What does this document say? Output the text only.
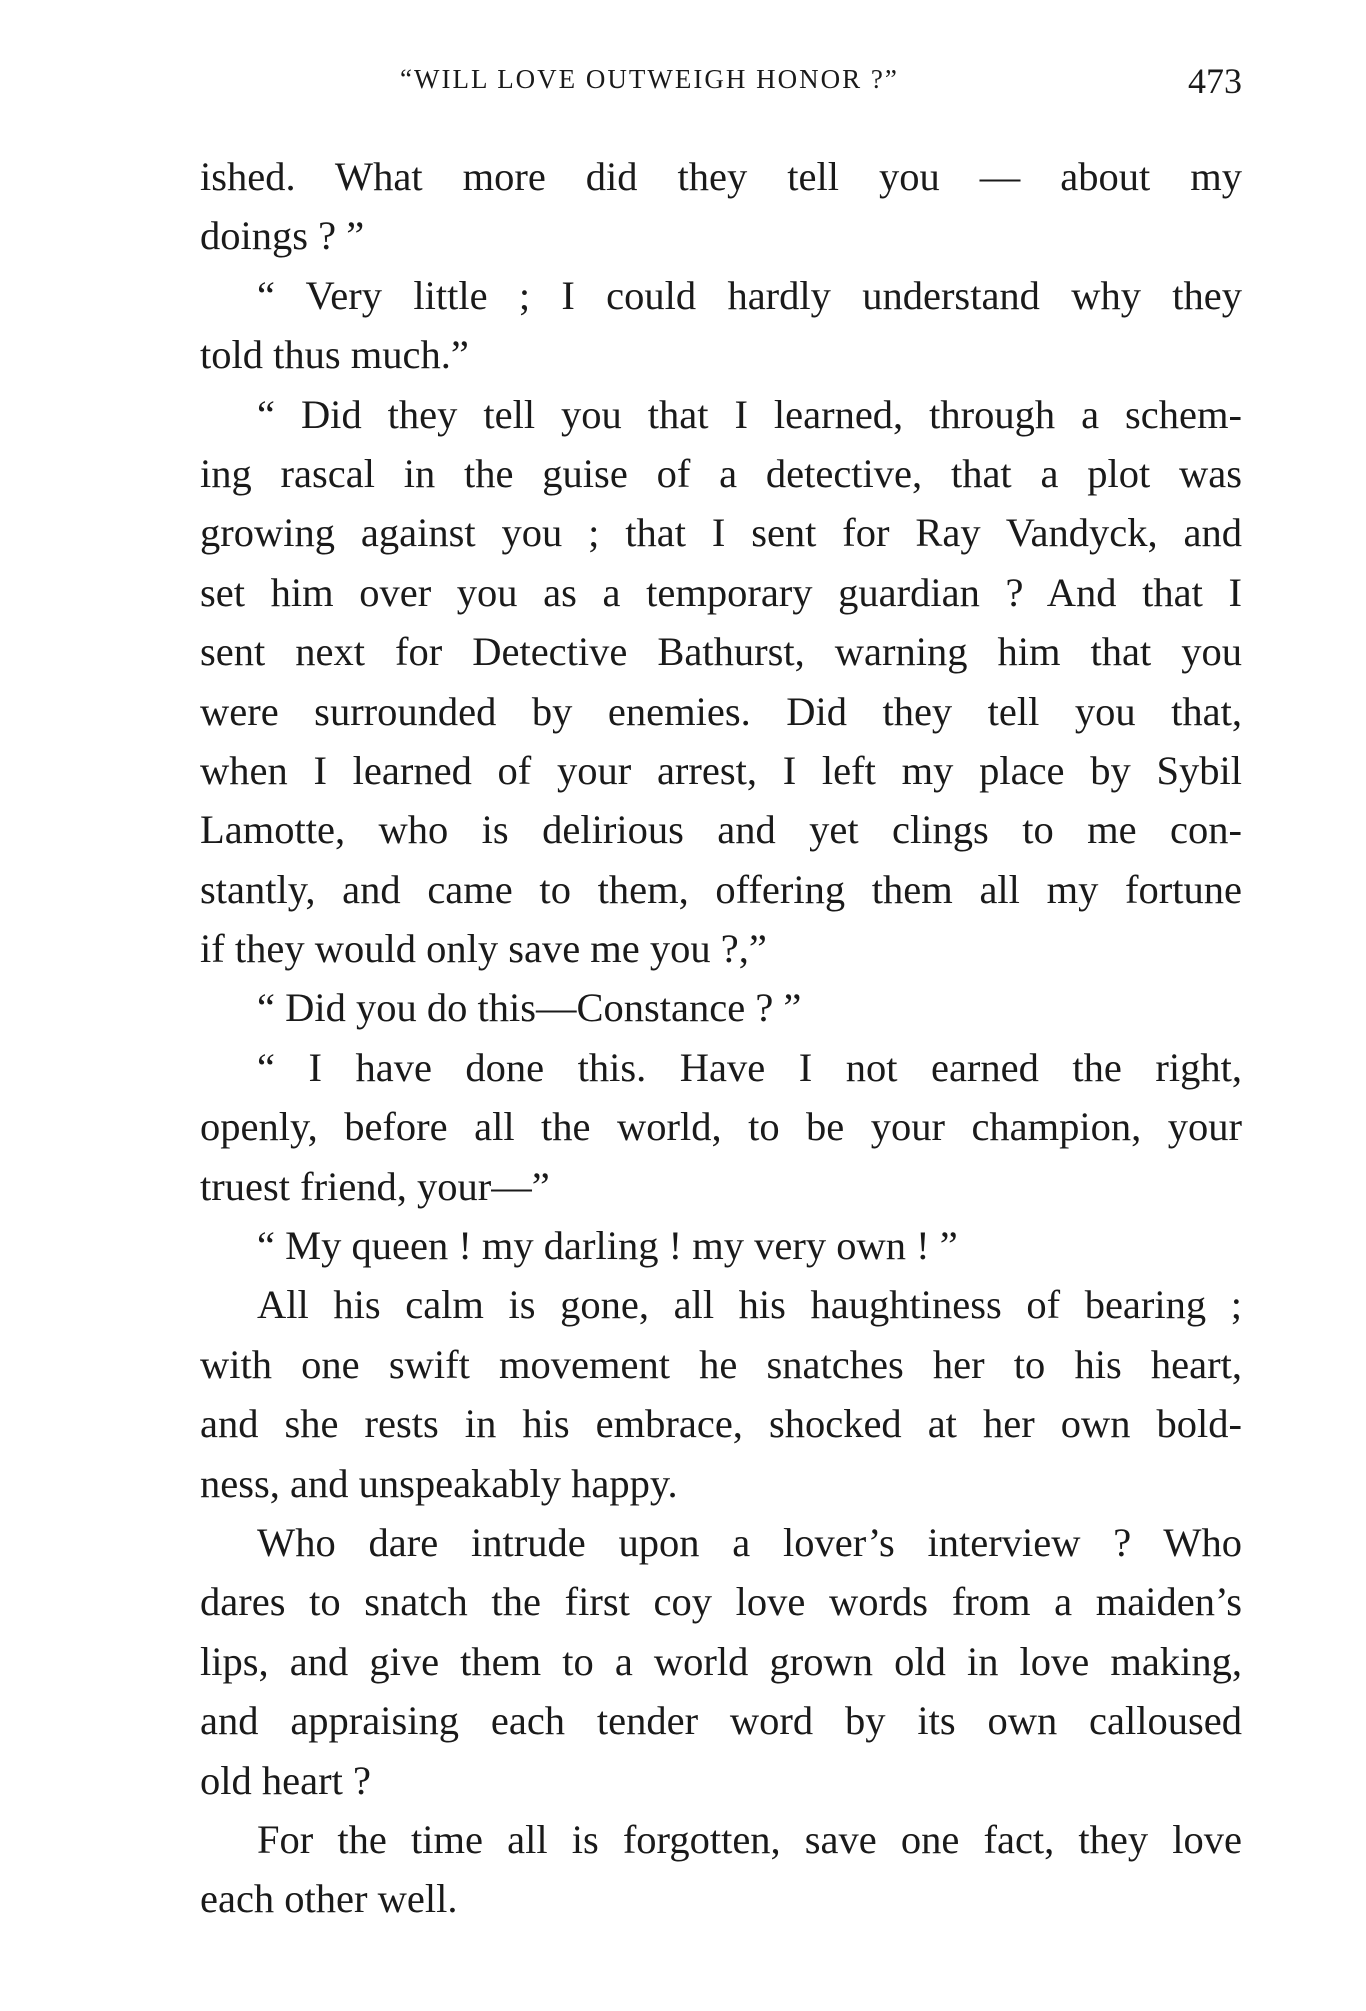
“WILL LOVE OUTWEIGH HONOR ?”	473
ished. What more did they tell you — about my
doings ? ”
“ Very little ; I could hardly understand why they
told thus much.”
“ Did they tell you that I learned, through a schem-
ing rascal in the guise of a detective, that a plot was
growing against you ; that I sent for Ray Vandyck, and
set him over you as a temporary guardian ? And that I
sent next for Detective Bathurst, warning him that you
were surrounded by enemies. Did they tell you that,
when I learned of your arrest, I left my place by Sybil
Lamotte, who is delirious and yet clings to me con-
stantly, and came to them, offering them all my fortune
if they would only save me you ?,”
“ Did you do this—Constance ? ”
“ I have done this. Have I not earned the right,
openly, before all the world, to be your champion, your
truest friend, your—”
“ My queen ! my darling ! my very own ! ”
All his calm is gone, all his haughtiness of bearing ;
with one swift movement he snatches her to his heart,
and she rests in his embrace, shocked at her own bold-
ness, and unspeakably happy.
Who dare intrude upon a lover’s interview ? Who
dares to snatch the first coy love words from a maiden’s
lips, and give them to a world grown old in love making,
and appraising each tender word by its own calloused
old heart ?
For the time all is forgotten, save one fact, they love
each other well.
